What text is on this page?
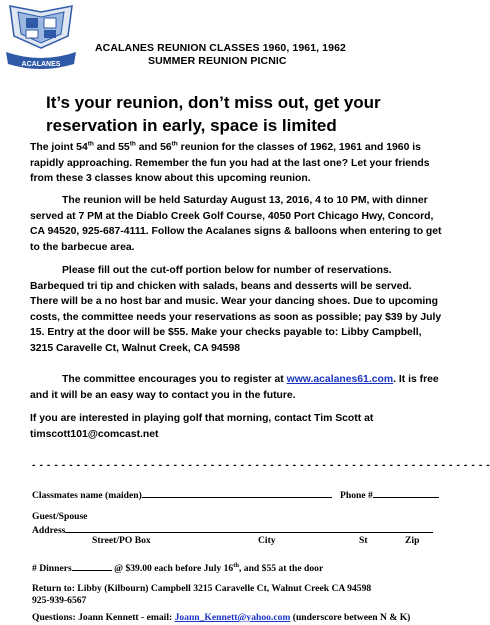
ACALANES
ACALANES REUNION CLASSES 1960, 1961, 1962
SUMMER REUNION PICNIC
It’s your reunion, don’t miss out, get your reservation in early, space is limited
The joint 54th and 55th and 56th reunion for the classes of 1962, 1961 and 1960 is rapidly approaching. Remember the fun you had at the last one? Let your friends from these 3 classes know about this upcoming reunion.
The reunion will be held Saturday August 13, 2016, 4 to 10 PM, with dinner served at 7 PM at the Diablo Creek Golf Course, 4050 Port Chicago Hwy, Concord, CA 94520, 925-687-4111. Follow the Acalanes signs & balloons when entering to get to the barbecue area.
Please fill out the cut-off portion below for number of reservations. Barbequed tri tip and chicken with salads, beans and desserts will be served. There will be a no host bar and music. Wear your dancing shoes. Due to upcoming costs, the committee needs your reservations as soon as possible; pay $39 by July 15. Entry at the door will be $55. Make your checks payable to: Libby Campbell, 3215 Caravelle Ct, Walnut Creek, CA 94598
The committee encourages you to register at www.acalanes61.com. It is free and it will be an easy way to contact you in the future.
If you are interested in playing golf that morning, contact Tim Scott at timscott101@comcast.net
- - - - - - - - - - - - - - - - - - - - - - - - - - - - - - - - - - - - - - - - - - - - - - - - - - - - - - - - - - - - - -
Classmates name (maiden)	Phone #
Guest/Spouse
Address
Street/PO Box	City	St	Zip
# Dinners	@ $39.00 each before July 16th, and $55 at the door
Return to: Libby (Kilbourn) Campbell 3215 Caravelle Ct, Walnut Creek CA 94598
925-939-6567
Questions: Joann Kennett - email: Joann_Kennett@yahoo.com (underscore between N & K)
